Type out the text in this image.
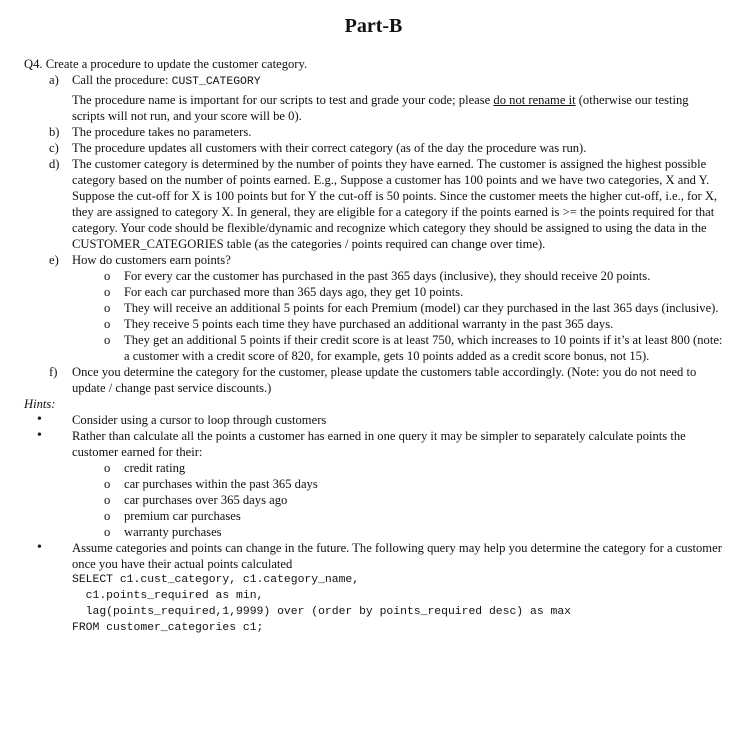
Part-B

Q4. Create a procedure to update the customer category.

a) Call the procedure: CUST_CATEGORY
The procedure name is important for our scripts to test and grade your code; please do not rename it (otherwise our testing scripts will not run, and your score will be 0).
b) The procedure takes no parameters.
c) The procedure updates all customers with their correct category (as of the day the procedure was run).
d) The customer category is determined by the number of points they have earned. The customer is assigned the highest possible category based on the number of points earned. E.g., Suppose a customer has 100 points and we have two categories, X and Y. Suppose the cut-off for X is 100 points but for Y the cut-off is 50 points. Since the customer meets the higher cut-off, i.e., for X, they are assigned to category X. In general, they are eligible for a category if the points earned is >= the points required for that category. Your code should be flexible/dynamic and recognize which category they should be assigned to using the data in the CUSTOMER_CATEGORIES table (as the categories / points required can change over time).
e) How do customers earn points?
o For every car the customer has purchased in the past 365 days (inclusive), they should receive 20 points.
o For each car purchased more than 365 days ago, they get 10 points.
o They will receive an additional 5 points for each Premium (model) car they purchased in the last 365 days (inclusive).
o They receive 5 points each time they have purchased an additional warranty in the past 365 days.
o They get an additional 5 points if their credit score is at least 750, which increases to 10 points if it’s at least 800 (note: a customer with a credit score of 820, for example, gets 10 points added as a credit score bonus, not 15).
f) Once you determine the category for the customer, please update the customers table accordingly. (Note: you do not need to update / change past service discounts.)

Hints:

• Consider using a cursor to loop through customers
• Rather than calculate all the points a customer has earned in one query it may be simpler to separately calculate points the customer earned for their:
o credit rating
o car purchases within the past 365 days
o car purchases over 365 days ago
o premium car purchases
o warranty purchases
• Assume categories and points can change in the future. The following query may help you determine the category for a customer once you have their actual points calculated
SELECT c1.cust_category, c1.category_name,
c1.points_required as min,
lag(points_required,1,9999) over (order by points_required desc) as max
FROM customer_categories c1;
